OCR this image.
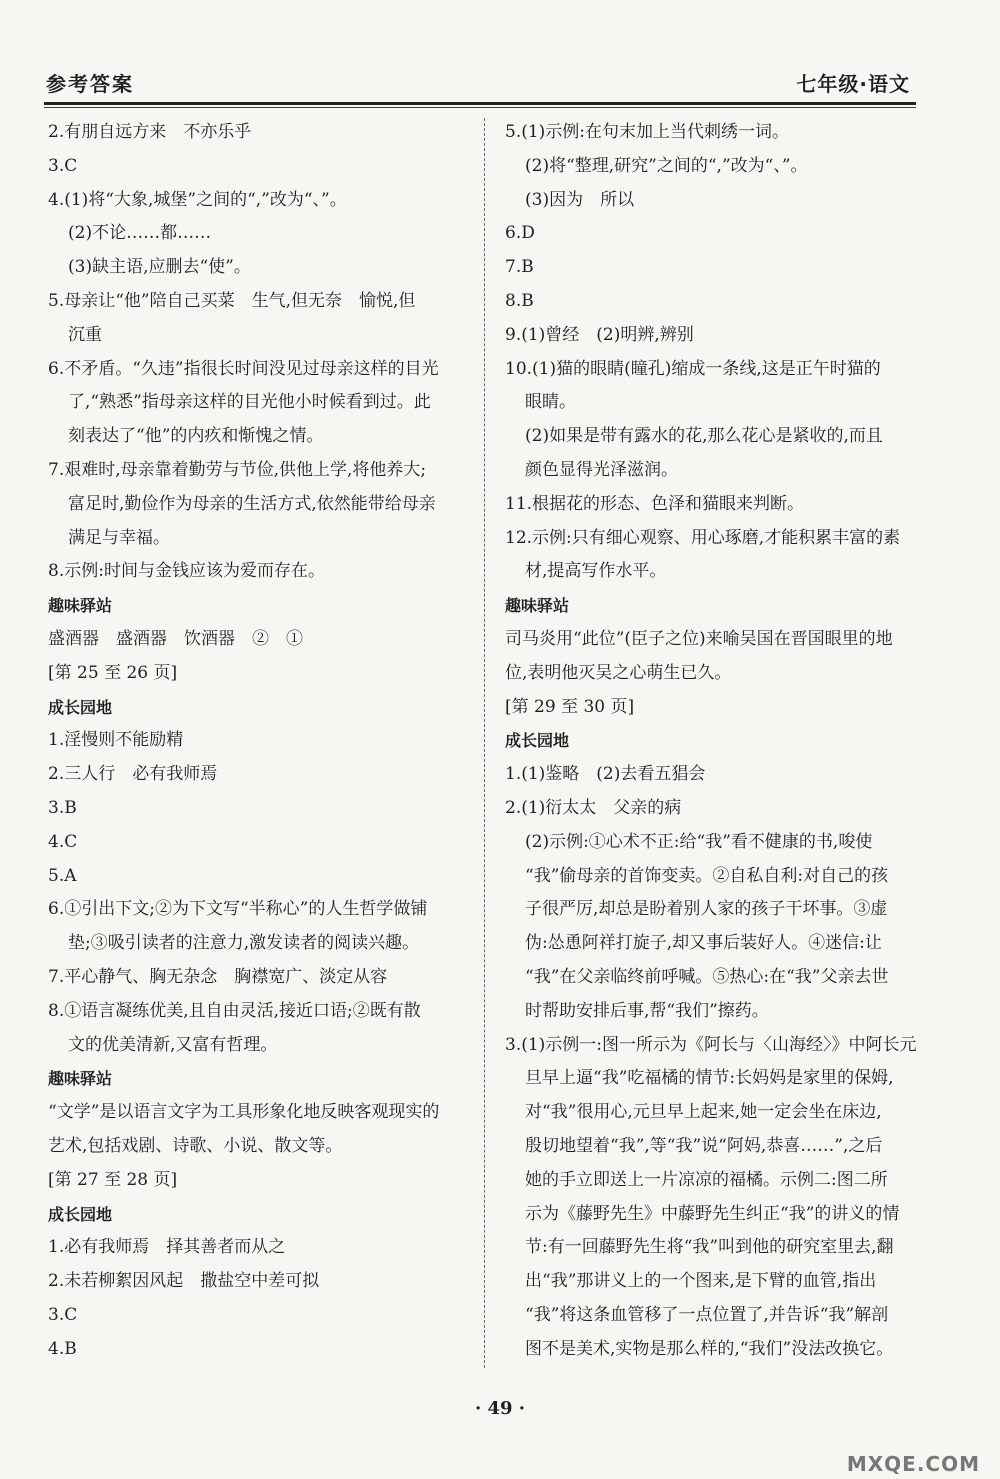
参考答案	七年级·语文
2.有朋自远方来　不亦乐乎
3.C
4.(1)将“大象,城堡”之间的“,”改为“、”。
(2)不论……都……
(3)缺主语,应删去“使”。
5.母亲让“他”陪自己买菜　生气,但无奈　愉悦,但
沉重
6.不矛盾。“久违”指很长时间没见过母亲这样的目光
了,“熟悉”指母亲这样的目光他小时候看到过。此
刻表达了“他”的内疚和惭愧之情。
7.艰难时,母亲靠着勤劳与节俭,供他上学,将他养大;
富足时,勤俭作为母亲的生活方式,依然能带给母亲
满足与幸福。
8.示例:时间与金钱应该为爱而存在。
趣味驿站
盛酒器　盛酒器　饮酒器　②　①
[第 25 至 26 页]
成长园地
1.淫慢则不能励精
2.三人行　必有我师焉
3.B
4.C
5.A
6.①引出下文;②为下文写“半称心”的人生哲学做铺
垫;③吸引读者的注意力,激发读者的阅读兴趣。
7.平心静气、胸无杂念　胸襟宽广、淡定从容
8.①语言凝练优美,且自由灵活,接近口语;②既有散
文的优美清新,又富有哲理。
趣味驿站
“文学”是以语言文字为工具形象化地反映客观现实的
艺术,包括戏剧、诗歌、小说、散文等。
[第 27 至 28 页]
成长园地
1.必有我师焉　择其善者而从之
2.未若柳絮因风起　撒盐空中差可拟
3.C
4.B
5.(1)示例:在句末加上当代刺绣一词。
(2)将“整理,研究”之间的“,”改为“、”。
(3)因为　所以
6.D
7.B
8.B
9.(1)曾经　(2)明辨,辨别
10.(1)猫的眼睛(瞳孔)缩成一条线,这是正午时猫的
眼睛。
(2)如果是带有露水的花,那么花心是紧收的,而且
颜色显得光泽滋润。
11.根据花的形态、色泽和猫眼来判断。
12.示例:只有细心观察、用心琢磨,才能积累丰富的素
材,提高写作水平。
趣味驿站
司马炎用“此位”(臣子之位)来喻吴国在晋国眼里的地
位,表明他灭吴之心萌生已久。
[第 29 至 30 页]
成长园地
1.(1)鉴略　(2)去看五猖会
2.(1)衍太太　父亲的病
(2)示例:①心术不正:给“我”看不健康的书,唆使
“我”偷母亲的首饰变卖。②自私自利:对自己的孩
子很严厉,却总是盼着别人家的孩子干坏事。③虚
伪:怂恿阿祥打旋子,却又事后装好人。④迷信:让
“我”在父亲临终前呼喊。⑤热心:在“我”父亲去世
时帮助安排后事,帮“我们”擦药。
3.(1)示例一:图一所示为《阿长与〈山海经〉》中阿长元
旦早上逼“我”吃福橘的情节:长妈妈是家里的保姆,
对“我”很用心,元旦早上起来,她一定会坐在床边,
殷切地望着“我”,等“我”说“阿妈,恭喜……”,之后
她的手立即送上一片凉凉的福橘。示例二:图二所
示为《藤野先生》中藤野先生纠正“我”的讲义的情
节:有一回藤野先生将“我”叫到他的研究室里去,翻
出“我”那讲义上的一个图来,是下臂的血管,指出
“我”将这条血管移了一点位置了,并告诉“我”解剖
图不是美术,实物是那么样的,“我们”没法改换它。
· 49 ·
MXQE.COM
